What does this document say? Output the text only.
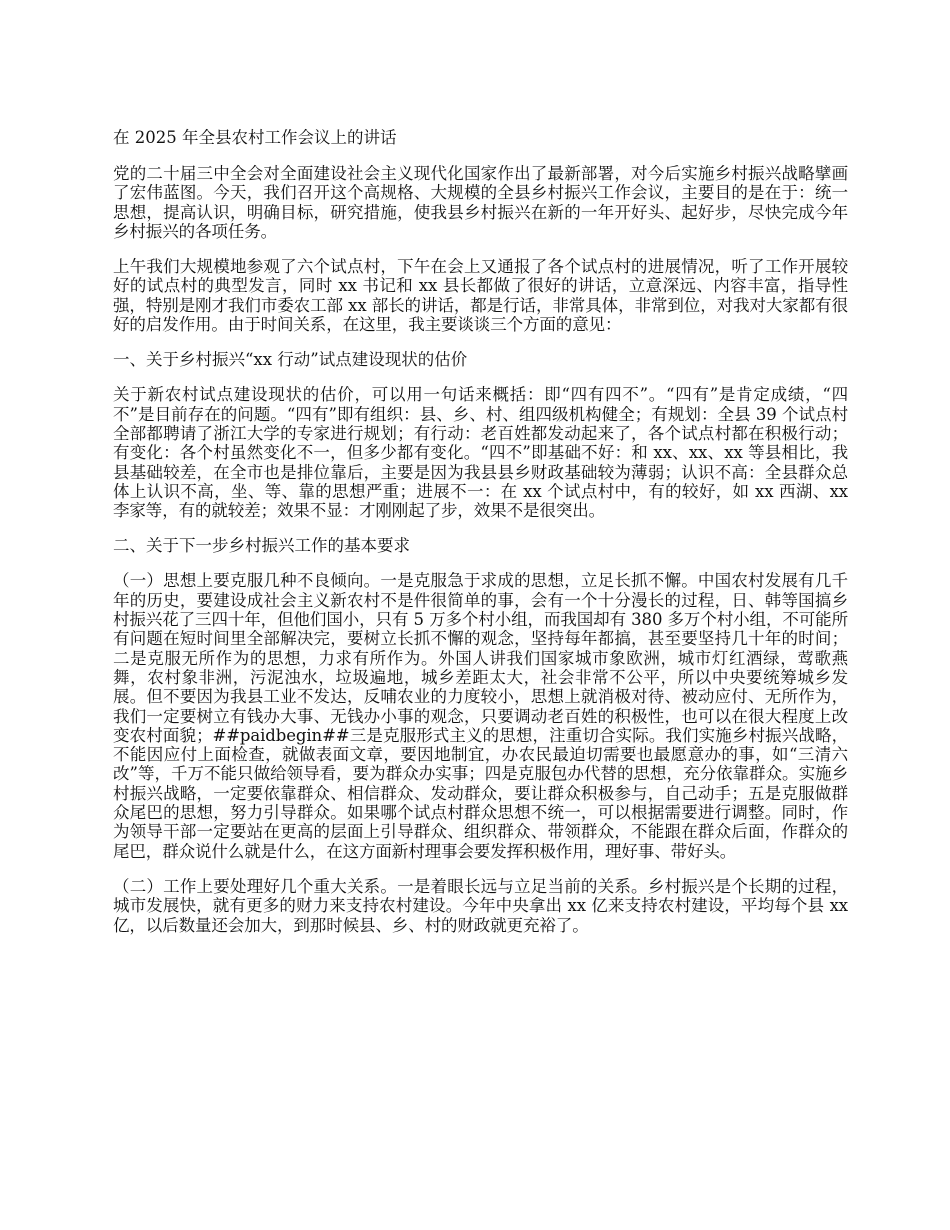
在 2025 年全县农村工作会议上的讲话

党的二十届三中全会对全面建设社会主义现代化国家作出了最新部署，对今后实施乡村振兴战略擘画了宏伟蓝图。今天，我们召开这个高规格、大规模的全县乡村振兴工作会议，主要目的是在于：统一思想，提高认识，明确目标，研究措施，使我县乡村振兴在新的一年开好头、起好步，尽快完成今年乡村振兴的各项任务。

上午我们大规模地参观了六个试点村，下午在会上又通报了各个试点村的进展情况，听了工作开展较好的试点村的典型发言，同时 xx 书记和 xx 县长都做了很好的讲话，立意深远、内容丰富，指导性强，特别是刚才我们市委农工部 xx 部长的讲话，都是行话，非常具体，非常到位，对我对大家都有很好的启发作用。由于时间关系，在这里，我主要谈谈三个方面的意见：

一、关于乡村振兴“xx 行动”试点建设现状的估价

关于新农村试点建设现状的估价，可以用一句话来概括：即“四有四不”。“四有”是肯定成绩，“四不”是目前存在的问题。“四有”即有组织：县、乡、村、组四级机构健全；有规划：全县 39 个试点村全部都聘请了浙江大学的专家进行规划；有行动：老百姓都发动起来了，各个试点村都在积极行动；有变化：各个村虽然变化不一，但多少都有变化。“四不”即基础不好：和 xx、xx、xx 等县相比，我县基础较差，在全市也是排位靠后，主要是因为我县县乡财政基础较为薄弱；认识不高：全县群众总体上认识不高，坐、等、靠的思想严重；进展不一：在 xx 个试点村中，有的较好，如 xx 西湖、xx 李家等，有的就较差；效果不显：才刚刚起了步，效果不是很突出。

二、关于下一步乡村振兴工作的基本要求

（一）思想上要克服几种不良倾向。一是克服急于求成的思想，立足长抓不懈。中国农村发展有几千年的历史，要建设成社会主义新农村不是件很简单的事，会有一个十分漫长的过程，日、韩等国搞乡村振兴花了三四十年，但他们国小，只有 5 万多个村小组，而我国却有 380 多万个村小组，不可能所有问题在短时间里全部解决完，要树立长抓不懈的观念，坚持每年都搞，甚至要坚持几十年的时间；二是克服无所作为的思想，力求有所作为。外国人讲我们国家城市象欧洲，城市灯红酒绿，莺歌燕舞，农村象非洲，污泥浊水，垃圾遍地，城乡差距太大，社会非常不公平，所以中央要统筹城乡发展。但不要因为我县工业不发达，反哺农业的力度较小，思想上就消极对待、被动应付、无所作为，我们一定要树立有钱办大事、无钱办小事的观念，只要调动老百姓的积极性，也可以在很大程度上改变农村面貌；##paidbegin##三是克服形式主义的思想，注重切合实际。我们实施乡村振兴战略，不能因应付上面检查，就做表面文章，要因地制宜，办农民最迫切需要也最愿意办的事，如“三清六改”等，千万不能只做给领导看，要为群众办实事；四是克服包办代替的思想，充分依靠群众。实施乡村振兴战略，一定要依靠群众、相信群众、发动群众，要让群众积极参与，自己动手；五是克服做群众尾巴的思想，努力引导群众。如果哪个试点村群众思想不统一，可以根据需要进行调整。同时，作为领导干部一定要站在更高的层面上引导群众、组织群众、带领群众，不能跟在群众后面，作群众的尾巴，群众说什么就是什么，在这方面新村理事会要发挥积极作用，理好事、带好头。

（二）工作上要处理好几个重大关系。一是着眼长远与立足当前的关系。乡村振兴是个长期的过程，城市发展快，就有更多的财力来支持农村建设。今年中央拿出 xx 亿来支持农村建设，平均每个县 xx 亿，以后数量还会加大，到那时候县、乡、村的财政就更充裕了。
